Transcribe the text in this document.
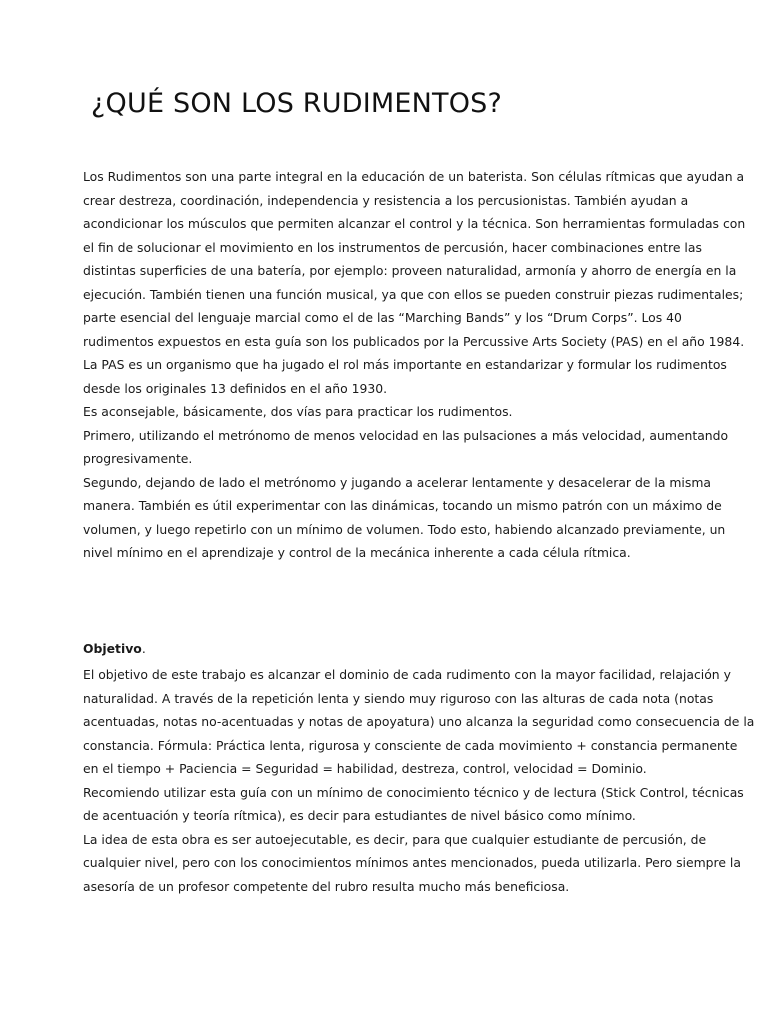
¿QUÉ SON LOS RUDIMENTOS?

Los Rudimentos son una parte integral en la educación de un baterista. Son células rítmicas que ayudan a crear destreza, coordinación, independencia y resistencia a los percusionistas. También ayudan a acondicionar los músculos que permiten alcanzar el control y la técnica. Son herramientas formuladas con el fin de solucionar el movimiento en los instrumentos de percusión, hacer combinaciones entre las distintas superficies de una batería, por ejemplo: proveen naturalidad, armonía y ahorro de energía en la ejecución. También tienen una función musical, ya que con ellos se pueden construir piezas rudimentales; parte esencial del lenguaje marcial como el de las “Marching Bands” y los “Drum Corps”. Los 40 rudimentos expuestos en esta guía son los publicados por la Percussive Arts Society (PAS) en el año 1984. La PAS es un organismo que ha jugado el rol más importante en estandarizar y formular los rudimentos desde los originales 13 definidos en el año 1930.

Es aconsejable, básicamente, dos vías para practicar los rudimentos.

Primero, utilizando el metrónomo de menos velocidad en las pulsaciones a más velocidad, aumentando progresivamente.

Segundo, dejando de lado el metrónomo y jugando a acelerar lentamente y desacelerar de la misma manera. También es útil experimentar con las dinámicas, tocando un mismo patrón con un máximo de volumen, y luego repetirlo con un mínimo de volumen. Todo esto, habiendo alcanzado previamente, un nivel mínimo en el aprendizaje y control de la mecánica inherente a cada célula rítmica.

Objetivo.

El objetivo de este trabajo es alcanzar el dominio de cada rudimento con la mayor facilidad, relajación y naturalidad. A través de la repetición lenta y siendo muy riguroso con las alturas de cada nota (notas acentuadas, notas no-acentuadas y notas de apoyatura) uno alcanza la seguridad como consecuencia de la constancia. Fórmula: Práctica lenta, rigurosa y consciente de cada movimiento + constancia permanente en el tiempo + Paciencia = Seguridad = habilidad, destreza, control, velocidad = Dominio.

Recomiendo utilizar esta guía con un mínimo de conocimiento técnico y de lectura (Stick Control, técnicas de acentuación y teoría rítmica), es decir para estudiantes de nivel básico como mínimo.

La idea de esta obra es ser autoejecutable, es decir, para que cualquier estudiante de percusión, de cualquier nivel, pero con los conocimientos mínimos antes mencionados, pueda utilizarla. Pero siempre la asesoría de un profesor competente del rubro resulta mucho más beneficiosa.
